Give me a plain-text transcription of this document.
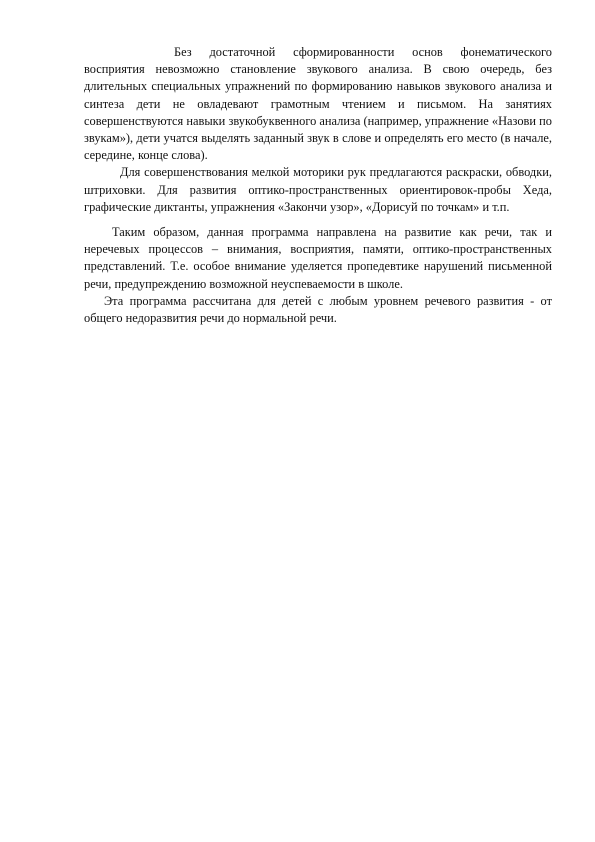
Без достаточной сформированности основ фонематического восприятия невозможно становление звукового анализа. В свою очередь, без длительных специальных упражнений по формированию навыков звукового анализа и синтеза дети не овладевают грамотным чтением и письмом. На занятиях совершенствуются навыки звукобуквенного анализа (например, упражнение «Назови по звукам»), дети учатся выделять заданный звук в слове и определять его место (в начале, середине, конце слова).

Для совершенствования мелкой моторики рук предлагаются раскраски, обводки, штриховки. Для развития оптико-пространственных ориентировок-пробы Хеда, графические диктанты, упражнения «Закончи узор», «Дорисуй по точкам» и т.п.

Таким образом, данная программа направлена на развитие как речи, так и неречевых процессов – внимания, восприятия, памяти, оптико-пространственных представлений. Т.е. особое внимание уделяется пропедевтике нарушений письменной речи, предупреждению возможной неуспеваемости в школе.

Эта программа рассчитана для детей с любым уровнем речевого развития - от общего недоразвития речи до нормальной речи.
